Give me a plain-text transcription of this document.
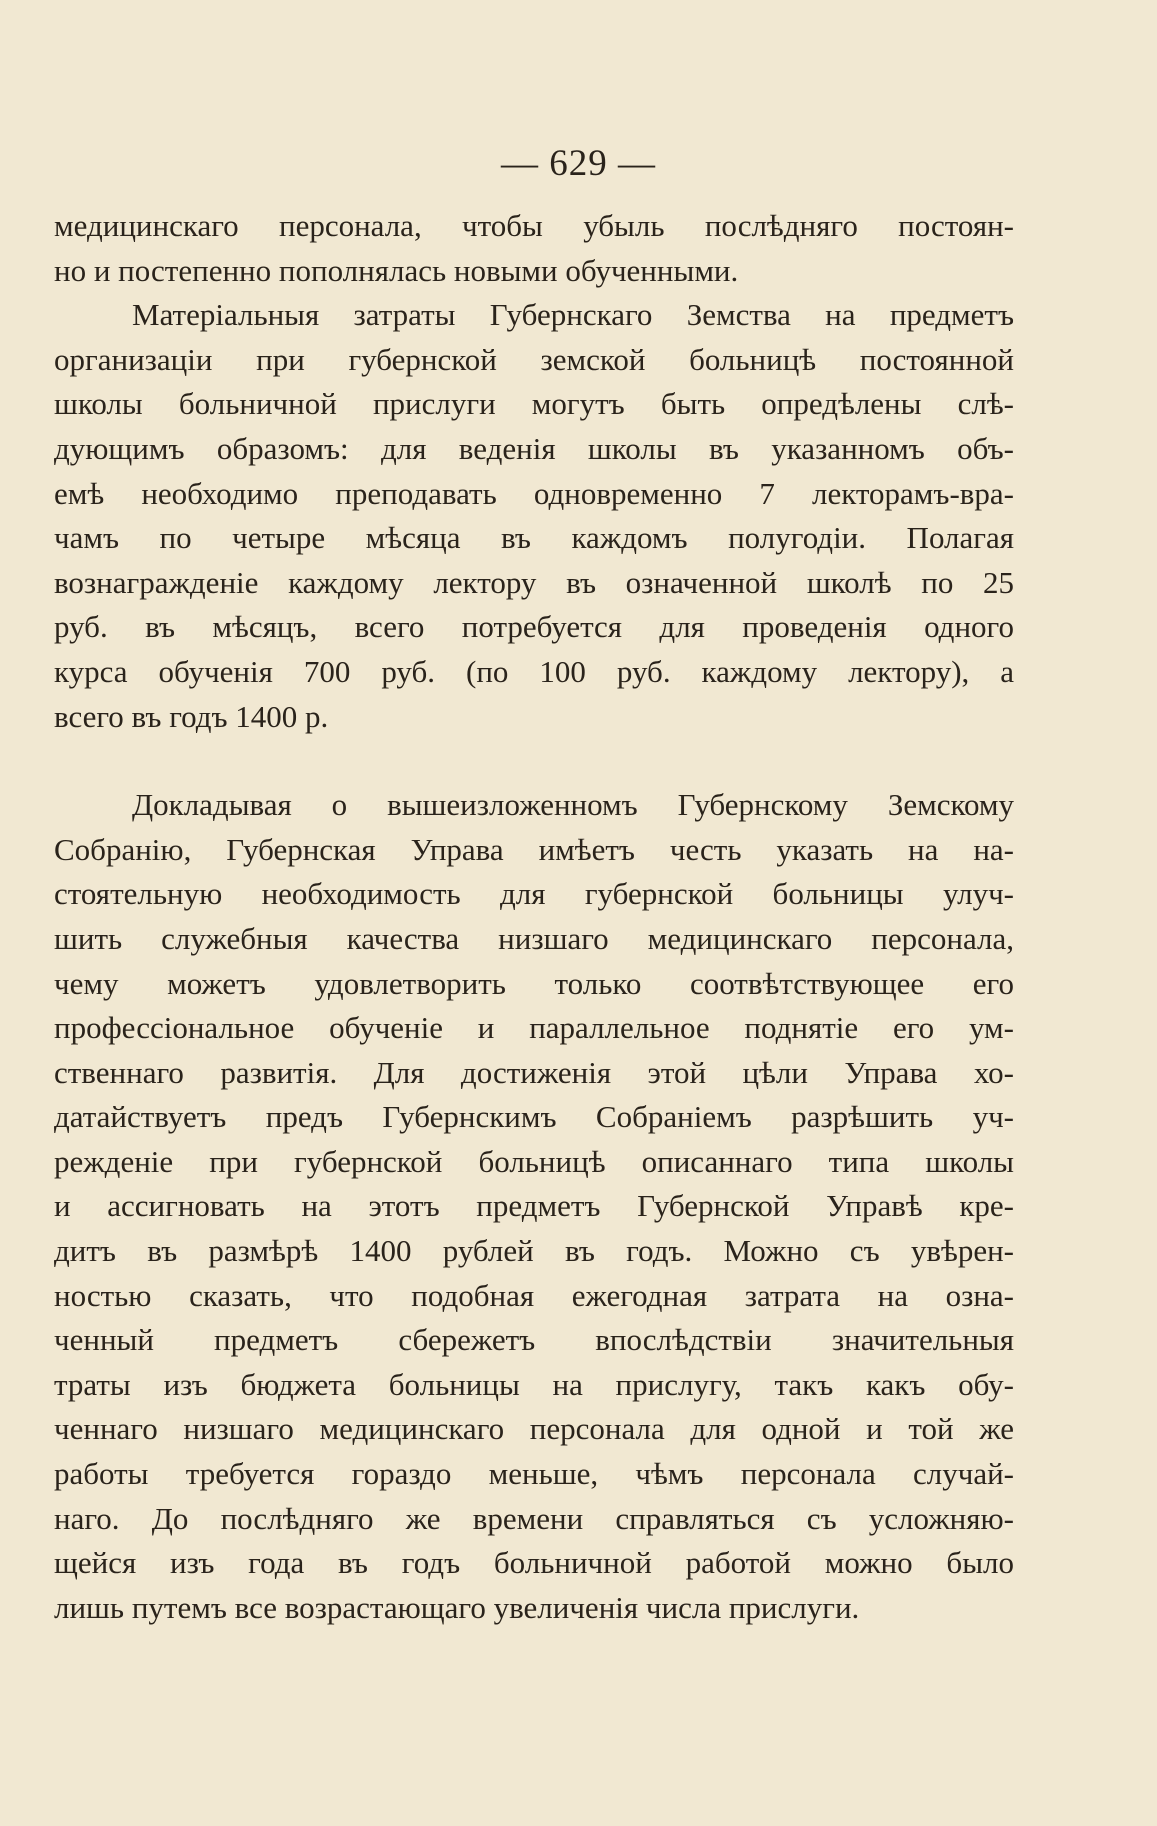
— 629 —
медицинскаго персонала, чтобы убыль послѣдняго постоян-
но и постепенно пополнялась новыми обученными.
Матеріальныя затраты Губернскаго Земства на предметъ
организаціи при губернской земской больницѣ постоянной
школы больничной прислуги могутъ быть опредѣлены слѣ-
дующимъ образомъ: для веденія школы въ указанномъ объ-
емѣ необходимо преподавать одновременно 7 лекторамъ-вра-
чамъ по четыре мѣсяца въ каждомъ полугодіи. Полагая
вознагражденіе каждому лектору въ означенной школѣ по 25
руб. въ мѣсяцъ, всего потребуется для проведенія одного
курса обученія 700 руб. (по 100 руб. каждому лектору), а
всего въ годъ 1400 р.
Докладывая о вышеизложенномъ Губернскому Земскому
Собранію, Губернская Управа имѣетъ честь указать на на-
стоятельную необходимость для губернской больницы улуч-
шить служебныя качества низшаго медицинскаго персонала,
чему можетъ удовлетворить только соотвѣтствующее его
профессіональное обученіе и параллельное поднятіе его ум-
ственнаго развитія. Для достиженія этой цѣли Управа хо-
датайствуетъ предъ Губернскимъ Собраніемъ разрѣшить уч-
режденіе при губернской больницѣ описаннаго типа школы
и ассигновать на этотъ предметъ Губернской Управѣ кре-
дитъ въ размѣрѣ 1400 рублей въ годъ. Можно съ увѣрен-
ностью сказать, что подобная ежегодная затрата на озна-
ченный предметъ сбережетъ впослѣдствіи значительныя
траты изъ бюджета больницы на прислугу, такъ какъ обу-
ченнаго низшаго медицинскаго персонала для одной и той же
работы требуется гораздо меньше, чѣмъ персонала случай-
наго. До послѣдняго же времени справляться съ усложняю-
щейся изъ года въ годъ больничной работой можно было
лишь путемъ все возрастающаго увеличенія числа прислуги.
